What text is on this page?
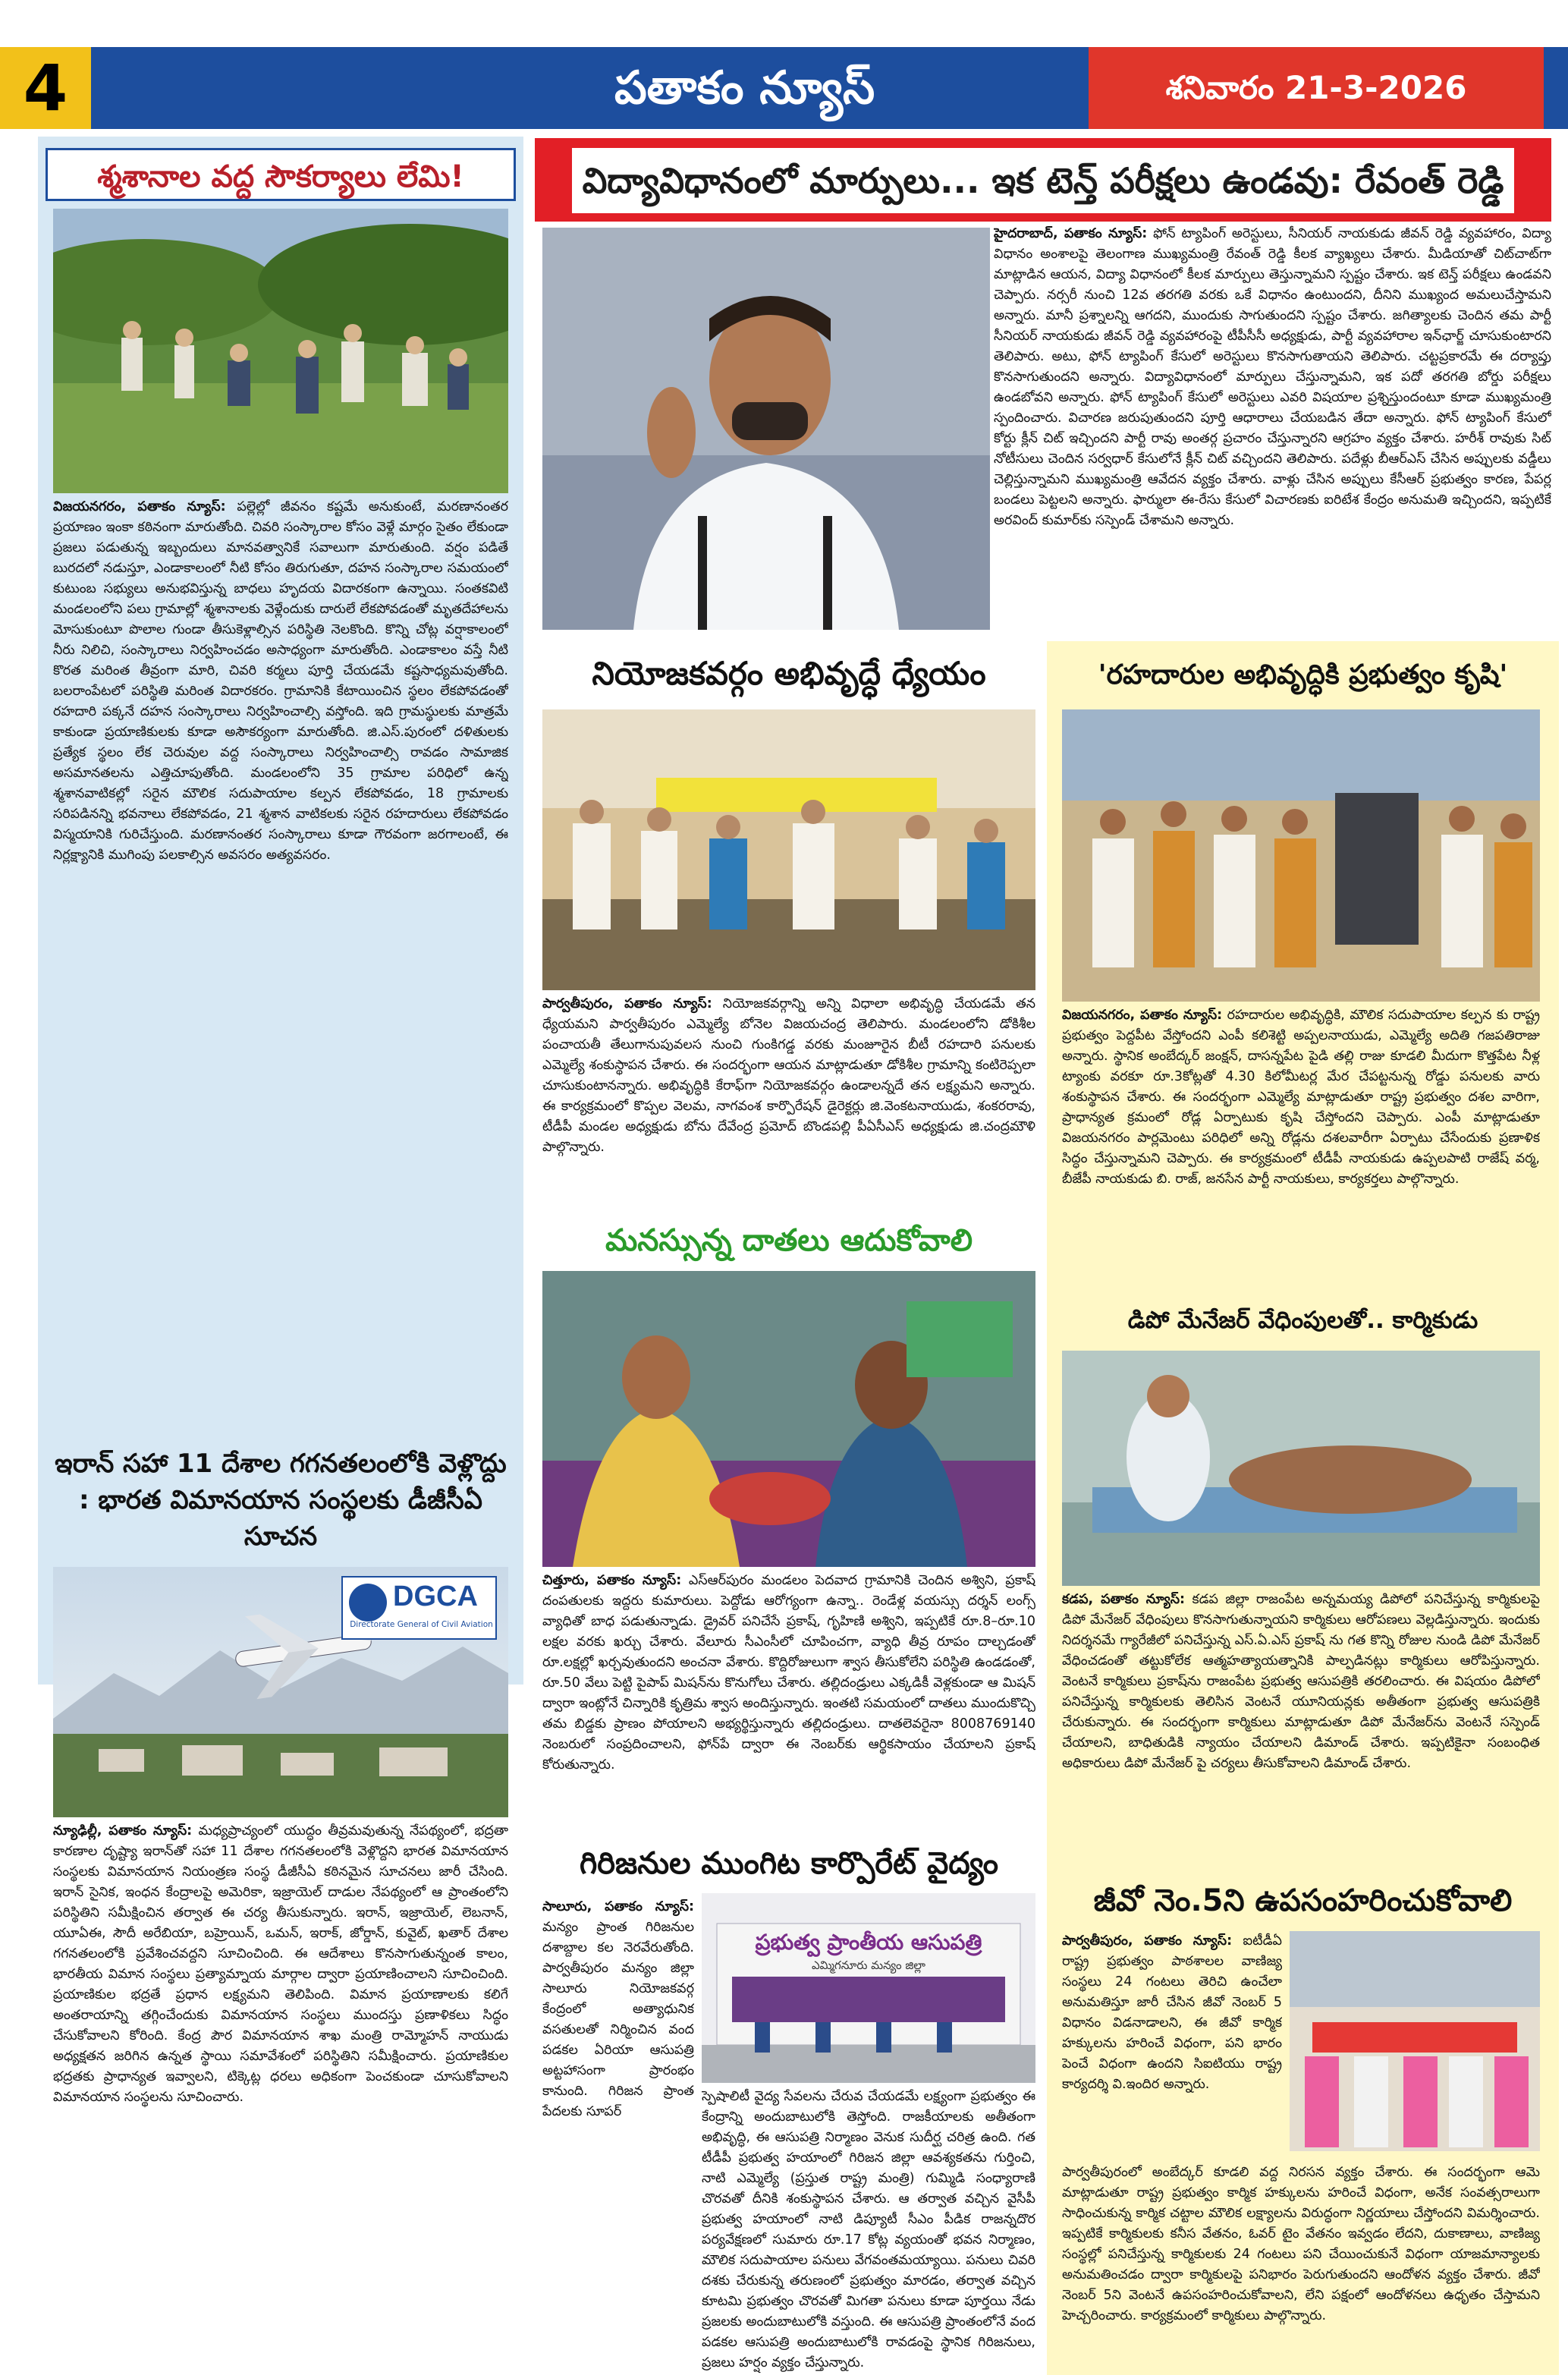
4	పతాకం న్యూస్	శనివారం 21-3-2026
శ్మశానాల వద్ద సౌకర్యాలు లేమి!
విజయనగరం, పతాకం న్యూస్: పల్లెల్లో జీవనం కష్టమే అనుకుంటే, మరణానంతర ప్రయాణం ఇంకా కఠినంగా మారుతోంది. చివరి సంస్కారాల కోసం వెళ్లే మార్గం సైతం లేకుండా ప్రజలు పడుతున్న ఇబ్బందులు మానవత్వానికే సవాలుగా మారుతుంది. వర్షం పడితే బురదలో నడుస్తూ, ఎండాకాలంలో నీటి కోసం తిరుగుతూ, దహన సంస్కారాల సమయంలో కుటుంబ సభ్యులు అనుభవిస్తున్న బాధలు హృదయ విదారకంగా ఉన్నాయి. సంతకవిటి మండలంలోని పలు గ్రామాల్లో శ్మశానాలకు వెళ్లేందుకు దారులే లేకపోవడంతో మృతదేహాలను మోసుకుంటూ పొలాల గుండా తీసుకెళ్లాల్సిన పరిస్థితి నెలకొంది. కొన్ని చోట్ల వర్షాకాలంలో నీరు నిలిచి, సంస్కారాలు నిర్వహించడం అసాధ్యంగా మారుతోంది. ఎండాకాలం వస్తే నీటి కొరత మరింత తీవ్రంగా మారి, చివరి కర్మలు పూర్తి చేయడమే కష్టసాధ్యమవుతోంది. బలరాంపేటలో పరిస్థితి మరింత విదారకరం. గ్రామానికి కేటాయించిన స్థలం లేకపోవడంతో రహదారి పక్కనే దహన సంస్కారాలు నిర్వహించాల్సి వస్తోంది. ఇది గ్రామస్థులకు మాత్రమే కాకుండా ప్రయాణికులకు కూడా అసౌకర్యంగా మారుతోంది. జి.ఎస్.పురంలో దళితులకు ప్రత్యేక స్థలం లేక చెరువుల వద్ద సంస్కారాలు నిర్వహించాల్సి రావడం సామాజిక అసమానతలను ఎత్తిచూపుతోంది. మండలంలోని 35 గ్రామాల పరిధిలో ఉన్న శ్మశానవాటికల్లో సరైన మౌలిక సదుపాయాల కల్పన లేకపోవడం, 18 గ్రామాలకు సరిపడినన్ని భవనాలు లేకపోవడం, 21 శ్మశాన వాటికలకు సరైన రహదారులు లేకపోవడం విస్మయానికి గురిచేస్తుంది. మరణానంతర సంస్కారాలు కూడా గౌరవంగా జరగాలంటే, ఈ నిర్లక్ష్యానికి ముగింపు పలకాల్సిన అవసరం అత్యవసరం.
ఇరాన్ సహా 11 దేశాల గగనతలంలోకి వెళ్లొద్దు : భారత విమానయాన సంస్థలకు డీజీసీఏ సూచన
DGCA
Directorate General of Civil Aviation
న్యూఢిల్లీ, పతాకం న్యూస్: మధ్యప్రాచ్యంలో యుద్ధం తీవ్రమవుతున్న నేపథ్యంలో, భద్రతా కారణాల దృష్ట్యా ఇరాన్‌తో సహా 11 దేశాల గగనతలంలోకి వెళ్లొద్దని భారత విమానయాన సంస్థలకు విమానయాన నియంత్రణ సంస్థ డీజీసీఏ కఠినమైన సూచనలు జారీ చేసింది. ఇరాన్ సైనిక, ఇంధన కేంద్రాలపై అమెరికా, ఇజ్రాయెల్ దాడుల నేపథ్యంలో ఆ ప్రాంతంలోని పరిస్థితిని సమీక్షించిన తర్వాత ఈ చర్య తీసుకున్నారు. ఇరాన్, ఇజ్రాయెల్, లెబనాన్, యూఏఈ, సౌదీ అరేబియా, బహ్రెయిన్, ఒమన్, ఇరాక్, జోర్డాన్, కువైట్, ఖతార్ దేశాల గగనతలంలోకి ప్రవేశించవద్దని సూచించింది. ఈ ఆదేశాలు కొనసాగుతున్నంత కాలం, భారతీయ విమాన సంస్థలు ప్రత్యామ్నాయ మార్గాల ద్వారా ప్రయాణించాలని సూచించింది. ప్రయాణికుల భద్రతే ప్రధాన లక్ష్యమని తెలిపింది. విమాన ప్రయాణాలకు కలిగే అంతరాయాన్ని తగ్గించేందుకు విమానయాన సంస్థలు ముందస్తు ప్రణాళికలు సిద్ధం చేసుకోవాలని కోరింది. కేంద్ర పౌర విమానయాన శాఖ మంత్రి రామ్మోహన్ నాయుడు అధ్యక్షతన జరిగిన ఉన్నత స్థాయి సమావేశంలో పరిస్థితిని సమీక్షించారు. ప్రయాణికుల భద్రతకు ప్రాధాన్యత ఇవ్వాలని, టిక్కెట్ల ధరలు అధికంగా పెంచకుండా చూసుకోవాలని విమానయాన సంస్థలను సూచించారు.
విద్యావిధానంలో మార్పులు... ఇక టెన్త్ పరీక్షలు ఉండవు: రేవంత్ రెడ్డి
హైదరాబాద్, పతాకం న్యూస్: ఫోన్ ట్యాపింగ్ అరెస్టులు, సీనియర్ నాయకుడు జీవన్ రెడ్డి వ్యవహారం, విద్యా విధానం అంశాలపై తెలంగాణ ముఖ్యమంత్రి రేవంత్ రెడ్డి కీలక వ్యాఖ్యలు చేశారు. మీడియాతో చిట్‌చాట్‌గా మాట్లాడిన ఆయన, విద్యా విధానంలో కీలక మార్పులు తెస్తున్నామని స్పష్టం చేశారు. ఇక టెన్త్ పరీక్షలు ఉండవని చెప్పారు. నర్సరీ నుంచి 12వ తరగతి వరకు ఒకే విధానం ఉంటుందని, దీనిని ముఖ్యంద అమలుచేస్తామని అన్నారు. మానీ ప్రశ్నాలన్ని ఆగదని, ముందుకు సాగుతుందని స్పష్టం చేశారు. జగిత్యాలకు చెందిన తమ పార్టీ సీనియర్ నాయకుడు జీవన్ రెడ్డి వ్యవహారంపై టీపీసీసీ అధ్యక్షుడు, పార్టీ వ్యవహారాల ఇన్‌ఛార్జ్ చూసుకుంటారని తెలిపారు. అటు, ఫోన్ ట్యాపింగ్ కేసులో అరెస్టులు కొనసాగుతాయని తెలిపారు. చట్టప్రకారమే ఈ దర్యాప్తు కొనసాగుతుందని అన్నారు. విద్యావిధానంలో మార్పులు చేస్తున్నామని, ఇక పదో తరగతి బోర్డు పరీక్షలు ఉండబోవని అన్నారు. ఫోన్ ట్యాపింగ్ కేసులో అరెస్టులు ఎవరి విషయాల ప్రశ్నిస్తుందంటూ కూడా ముఖ్యమంత్రి స్పందించారు. విచారణ జరుపుతుందని పూర్తి ఆధారాలు చేయబడిన తేదా అన్నారు. ఫోన్ ట్యాపింగ్ కేసులో కోర్టు క్లీన్ చిట్ ఇచ్చిందని పార్టీ రావు అంతర్గ ప్రచారం చేస్తున్నారని ఆగ్రహం వ్యక్తం చేశారు. హరీశ్ రావుకు సిట్ నోటీసులు చెందిన సర్వధార్ కేసులోనే క్లీన్ చిట్ వచ్చిందని తెలిపారు. పదేళ్లు బీఆర్ఎస్ చేసిన అప్పులకు వడ్డీలు చెల్లిస్తున్నామని ముఖ్యమంత్రి ఆవేదన వ్యక్తం చేశారు. వాళ్లు చేసిన అప్పులు కేసీఆర్ ప్రభుత్వం కారణ, పేపర్ల బండలు పెట్టలని అన్నారు. ఫార్ములా ఈ-రేసు కేసులో విచారణకు ఐరిటేశ కేంద్రం అనుమతి ఇచ్చిందని, ఇప్పటికే అరవింద్ కుమార్‌కు సస్పెండ్ చేశామని అన్నారు.
నియోజకవర్గం అభివృద్ధే ధ్యేయం
పార్వతీపురం, పతాకం న్యూస్: నియోజకవర్గాన్ని అన్ని విధాలా అభివృద్ధి చేయడమే తన ధ్యేయమని పార్వతీపురం ఎమ్మెల్యే బోనెల విజయచంద్ర తెలిపారు. మండలంలోని డోకిశీల పంచాయతీ తేలుగానుపువలస నుంచి గుంకిగడ్డ వరకు మంజూరైన బీటీ రహదారి పనులకు ఎమ్మెల్యే శంకుస్థాపన చేశారు. ఈ సందర్భంగా ఆయన మాట్లాడుతూ డోకిశీల గ్రామాన్ని కంటిరెప్పలా చూసుకుంటానన్నారు. అభివృద్ధికి కేరాఫ్‌గా నియోజకవర్గం ఉండాలన్నదే తన లక్ష్యమని అన్నారు. ఈ కార్యక్రమంలో కొప్పల వెలమ, నాగవంశ కార్పొరేషన్ డైరెక్టర్లు జి.వెంకటనాయుడు, శంకరరావు, టీడీపీ మండల అధ్యక్షుడు బోను దేవేంద్ర ప్రమోద్ బొండపల్లి పీఏసీఎస్ అధ్యక్షుడు జి.చంద్రమౌళి పాల్గొన్నారు.
మనస్సున్న దాతలు ఆదుకోవాలి
చిత్తూరు, పతాకం న్యూస్: ఎస్ఆర్‌పురం మండలం పెదవాద గ్రామానికి చెందిన అశ్విని, ప్రకాష్ దంపతులకు ఇద్దరు కుమారులు. పెద్దోడు ఆరోగ్యంగా ఉన్నా.. రెండేళ్ల వయస్సు దర్శన్ లంగ్స్ వ్యాధితో బాధ పడుతున్నాడు. డ్రైవర్ పనిచేసే ప్రకాష్, గృహిణి అశ్విని, ఇప్పటికే రూ.8–రూ.10 లక్షల వరకు ఖర్చు చేశారు. వేలూరు సీఎంసీలో చూపించగా, వ్యాధి తీవ్ర రూపం దాల్చడంతో రూ.లక్షల్లో ఖర్చవుతుందని అంచనా వేశారు. కొద్దిరోజులుగా శ్వాస తీసుకోలేని పరిస్థితి ఉండడంతో, రూ.50 వేలు పెట్టి పైపాప్ మిషన్‌ను కొనుగోలు చేశారు. తల్లిదండ్రులు ఎక్కడికీ వెళ్లకుండా ఆ మిషన్ ద్వారా ఇంట్లోనే చిన్నారికి కృత్రిమ శ్వాస అందిస్తున్నారు. ఇంతటి సమయంలో దాతలు ముందుకొచ్చి తమ బిడ్డకు ప్రాణం పోయాలని అభ్యర్థిస్తున్నారు తల్లిదండ్రులు. దాతలెవరైనా 8008769140 నెంబరులో సంప్రదించాలని, ఫోన్‌పే ద్వారా ఈ నెంబర్‌కు ఆర్థికసాయం చేయాలని ప్రకాష్ కోరుతున్నారు.
గిరిజనుల ముంగిట కార్పొరేట్ వైద్యం
సాలూరు, పతాకం న్యూస్: మన్యం ప్రాంత గిరిజనుల దశాబ్దాల కల నెరవేరుతోంది. పార్వతీపురం మన్యం జిల్లా సాలూరు నియోజకవర్గ కేంద్రంలో అత్యాధునిక వసతులతో నిర్మించిన వంద పడకల ఏరియా ఆసుపత్రి అట్టహాసంగా ప్రారంభం కానుంది. గిరిజన ప్రాంత పేదలకు సూపర్
ప్రభుత్వ ప్రాంతీయ ఆసుపత్రి
ఎమ్మిగనూరు మన్యం జిల్లా
స్పెషాలిటీ వైద్య సేవలను చేరువ చేయడమే లక్ష్యంగా ప్రభుత్వం ఈ కేంద్రాన్ని అందుబాటులోకి తెస్తోంది. రాజకీయాలకు అతీతంగా అభివృద్ధి, ఈ ఆసుపత్రి నిర్మాణం వెనుక సుదీర్ఘ చరిత్ర ఉంది. గత టీడీపీ ప్రభుత్వ హయాంలో గిరిజన జిల్లా ఆవశ్యకతను గుర్తించి, నాటి ఎమ్మెల్యే (ప్రస్తుత రాష్ట్ర మంత్రి) గుమ్మిడి సంధ్యారాణి చొరవతో దీనికి శంకుస్థాపన చేశారు. ఆ తర్వాత వచ్చిన వైసీపీ ప్రభుత్వ హయాంలో నాటి డిప్యూటీ సీఎం పీడిక రాజన్నదొర పర్యవేక్షణలో సుమారు రూ.17 కోట్ల వ్యయంతో భవన నిర్మాణం, మౌలిక సదుపాయాల పనులు వేగవంతమయ్యాయి. పనులు చివరి దశకు చేరుకున్న తరుణంలో ప్రభుత్వం మారడం, తర్వాత వచ్చిన కూటమి ప్రభుత్వం చొరవతో మిగతా పనులు కూడా పూర్తయి నేడు ప్రజలకు అందుబాటులోకి వస్తుంది. ఈ ఆసుపత్రి ప్రాంతంలోనే వంద పడకల ఆసుపత్రి అందుబాటులోకి రావడంపై స్థానిక గిరిజనులు, ప్రజలు హర్షం వ్యక్తం చేస్తున్నారు.
'రహదారుల అభివృద్ధికి ప్రభుత్వం కృషి'
విజయనగరం, పతాకం న్యూస్: రహదారుల అభివృద్ధికి, మౌలిక సదుపాయాల కల్పన కు రాష్ట్ర ప్రభుత్వం పెద్దపీట వేస్తోందని ఎంపీ కలిశెట్టి అప్పలనాయుడు, ఎమ్మెల్యే అదితి గజపతిరాజు అన్నారు. స్థానిక అంబేద్కర్ జంక్షన్, దాసన్నపేట పైడి తల్లి రాజు కూడలి మీదుగా కొత్తపేట నీళ్ల ట్యాంకు వరకూ రూ.3కోట్లతో 4.30 కిలోమీటర్ల మేర చేపట్టనున్న రోడ్డు పనులకు వారు శంకుస్థాపన చేశారు. ఈ సందర్భంగా ఎమ్మెల్యే మాట్లాడుతూ రాష్ట్ర ప్రభుత్వం దశల వారిగా, ప్రాధాన్యత క్రమంలో రోడ్ల ఏర్పాటుకు కృషి చేస్తోందని చెప్పారు. ఎంపీ మాట్లాడుతూ విజయనగరం పార్లమెంటు పరిధిలో అన్ని రోడ్లను దశలవారీగా ఏర్పాటు చేసేందుకు ప్రణాళిక సిద్ధం చేస్తున్నామని చెప్పారు. ఈ కార్యక్రమంలో టీడీపీ నాయకుడు ఉప్పలపాటి రాజేష్ వర్మ, బీజేపీ నాయకుడు బి. రాజ్, జనసేన పార్టీ నాయకులు, కార్యకర్తలు పాల్గొన్నారు.
డిపో మేనేజర్ వేధింపులతో.. కార్మికుడు
కడప, పతాకం న్యూస్: కడప జిల్లా రాజంపేట అన్నమయ్య డిపోలో పనిచేస్తున్న కార్మికులపై డిపో మేనేజర్ వేధింపులు కొనసాగుతున్నాయని కార్మికులు ఆరోపణలు వెల్లడిస్తున్నారు. ఇందుకు నిదర్శనమే గ్యారేజీలో పనిచేస్తున్న ఎస్.ఏ.ఎస్ ప్రకాష్ ను గత కొన్ని రోజుల నుండి డిపో మేనేజర్ వేధించడంతో తట్టుకోలేక ఆత్మహత్యాయత్నానికి పాల్పడినట్లు కార్మికులు ఆరోపిస్తున్నారు. వెంటనే కార్మికులు ప్రకాష్‌ను రాజంపేట ప్రభుత్వ ఆసుపత్రికి తరలించారు. ఈ విషయం డిపోలో పనిచేస్తున్న కార్మికులకు తెలిసిన వెంటనే యూనియన్లకు అతీతంగా ప్రభుత్వ ఆసుపత్రికి చేరుకున్నారు. ఈ సందర్భంగా కార్మికులు మాట్లాడుతూ డిపో మేనేజర్‌ను వెంటనే సస్పెండ్ చేయాలని, బాధితుడికి న్యాయం చేయాలని డిమాండ్ చేశారు. ఇప్పటికైనా సంబంధిత అధికారులు డిపో మేనేజర్ పై చర్యలు తీసుకోవాలని డిమాండ్ చేశారు.
జీవో నెం.5ని ఉపసంహరించుకోవాలి
పార్వతీపురం, పతాకం న్యూస్: ఐటీడీఏ రాష్ట్ర ప్రభుత్వం పాఠశాలల వాణిజ్య సంస్థలు 24 గంటలు తెరిచి ఉంచేలా అనుమతిస్తూ జారీ చేసిన జీవో నెంబర్ 5 విధానం విడనాడాలని, ఈ జీవో కార్మిక హక్కులను హరించే విధంగా, పని భారం పెంచే విధంగా ఉందని సిఐటియు రాష్ట్ర కార్యదర్శి వి.ఇందిర అన్నారు.
పార్వతీపురంలో అంబేద్కర్ కూడలి వద్ద నిరసన వ్యక్తం చేశారు. ఈ సందర్భంగా ఆమె మాట్లాడుతూ రాష్ట్ర ప్రభుత్వం కార్మిక హక్కులను హరించే విధంగా, అనేక సంవత్సరాలుగా సాధించుకున్న కార్మిక చట్టాల మౌలిక లక్ష్యాలను విరుద్ధంగా నిర్ణయాలు చేస్తోందని విమర్శించారు. ఇప్పటికే కార్మికులకు కనీస వేతనం, ఓవర్ టైం వేతనం ఇవ్వడం లేదని, దుకాణాలు, వాణిజ్య సంస్థల్లో పనిచేస్తున్న కార్మికులకు 24 గంటలు పని చేయించుకునే విధంగా యాజమాన్యాలకు అనుమతించడం ద్వారా కార్మికులపై పనిభారం పెరుగుతుందని ఆందోళన వ్యక్తం చేశారు. జీవో నెంబర్ 5ని వెంటనే ఉపసంహరించుకోవాలని, లేని పక్షంలో ఆందోళనలు ఉధృతం చేస్తామని హెచ్చరించారు. కార్యక్రమంలో కార్మికులు పాల్గొన్నారు.
